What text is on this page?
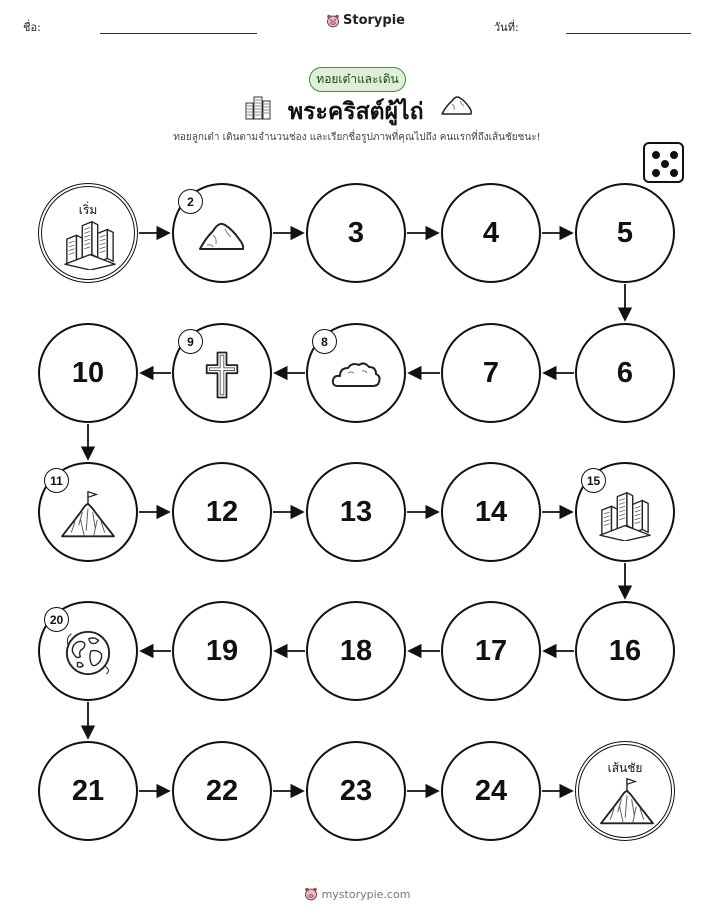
ชื่อ:	Storypie	วันที่:
ทอยเต๋าและเดิน
พระคริสต์ผู้ไถ่
ทอยลูกเต๋า เดินตามจำนวนช่อง และเรียกชื่อรูปภาพที่คุณไปถึง คนแรกที่ถึงเส้นชัยชนะ!
เริ่ม
2
3	4	5
6
7
8
9
10
11
12	13	14
15
16
17
18
19
20
21	22	23	24
เส้นชัย
mystorypie.com
